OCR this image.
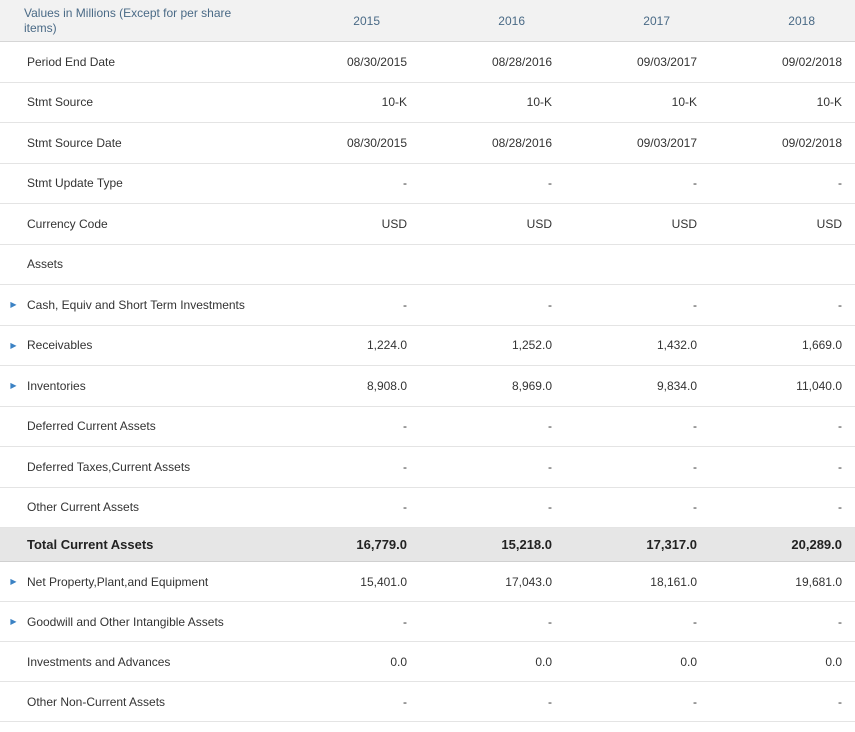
Values in Millions (Except for per share items)	2015	2016	2017	2018
Period End Date	08/30/2015	08/28/2016	09/03/2017	09/02/2018
Stmt Source	10-K	10-K	10-K	10-K
Stmt Source Date	08/30/2015	08/28/2016	09/03/2017	09/02/2018
Stmt Update Type	-	-	-	-
Currency Code	USD	USD	USD	USD
Assets
▶ Cash, Equiv and Short Term Investments	-	-	-	-
▶ Receivables	1,224.0	1,252.0	1,432.0	1,669.0
▶ Inventories	8,908.0	8,969.0	9,834.0	11,040.0
Deferred Current Assets	-	-	-	-
Deferred Taxes,Current Assets	-	-	-	-
Other Current Assets	-	-	-	-
Total Current Assets	16,779.0	15,218.0	17,317.0	20,289.0
▶ Net Property,Plant,and Equipment	15,401.0	17,043.0	18,161.0	19,681.0
▶ Goodwill and Other Intangible Assets	-	-	-	-
Investments and Advances	0.0	0.0	0.0	0.0
Other Non-Current Assets	-	-	-	-
